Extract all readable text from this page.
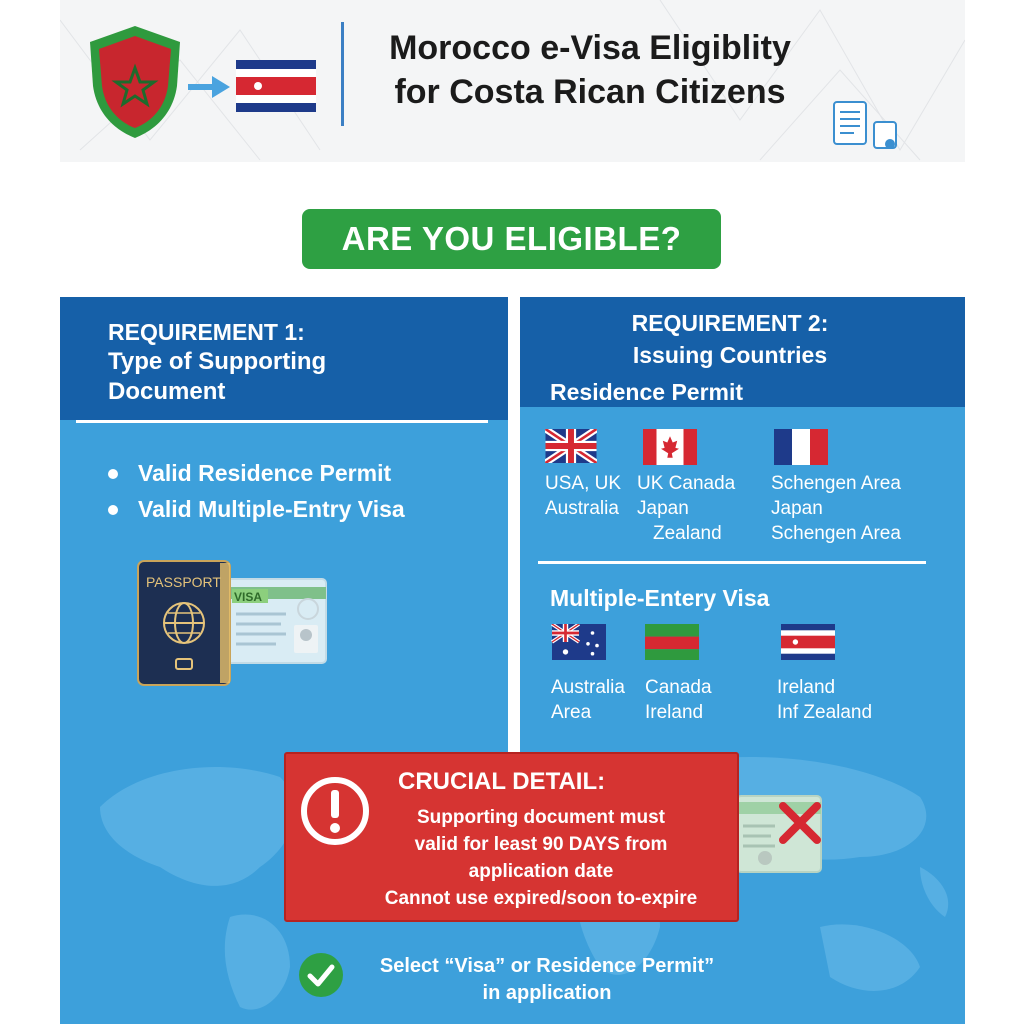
Morocco e-Visa Eligiblity
for Costa Rican Citizens
ARE YOU ELIGIBLE?
REQUIREMENT 1:
Type of Supporting
Document
Valid Residence Permit
Valid Multiple-Entry Visa
VISA
PASSPORT
REQUIREMENT 2:
Issuing Countries
Residence Permit
USA, UK
Australia
UK Canada
Japan
Zealand
Schengen Area
Japan
Schengen Area
Multiple-Entery Visa
Australia
Area
Canada
Ireland
Ireland
Inf Zealand
CRUCIAL DETAIL:
Supporting document must
valid for least 90 DAYS from
application date
Cannot use expired/soon to-expire
Select “Visa” or Residence Permit”
in application
